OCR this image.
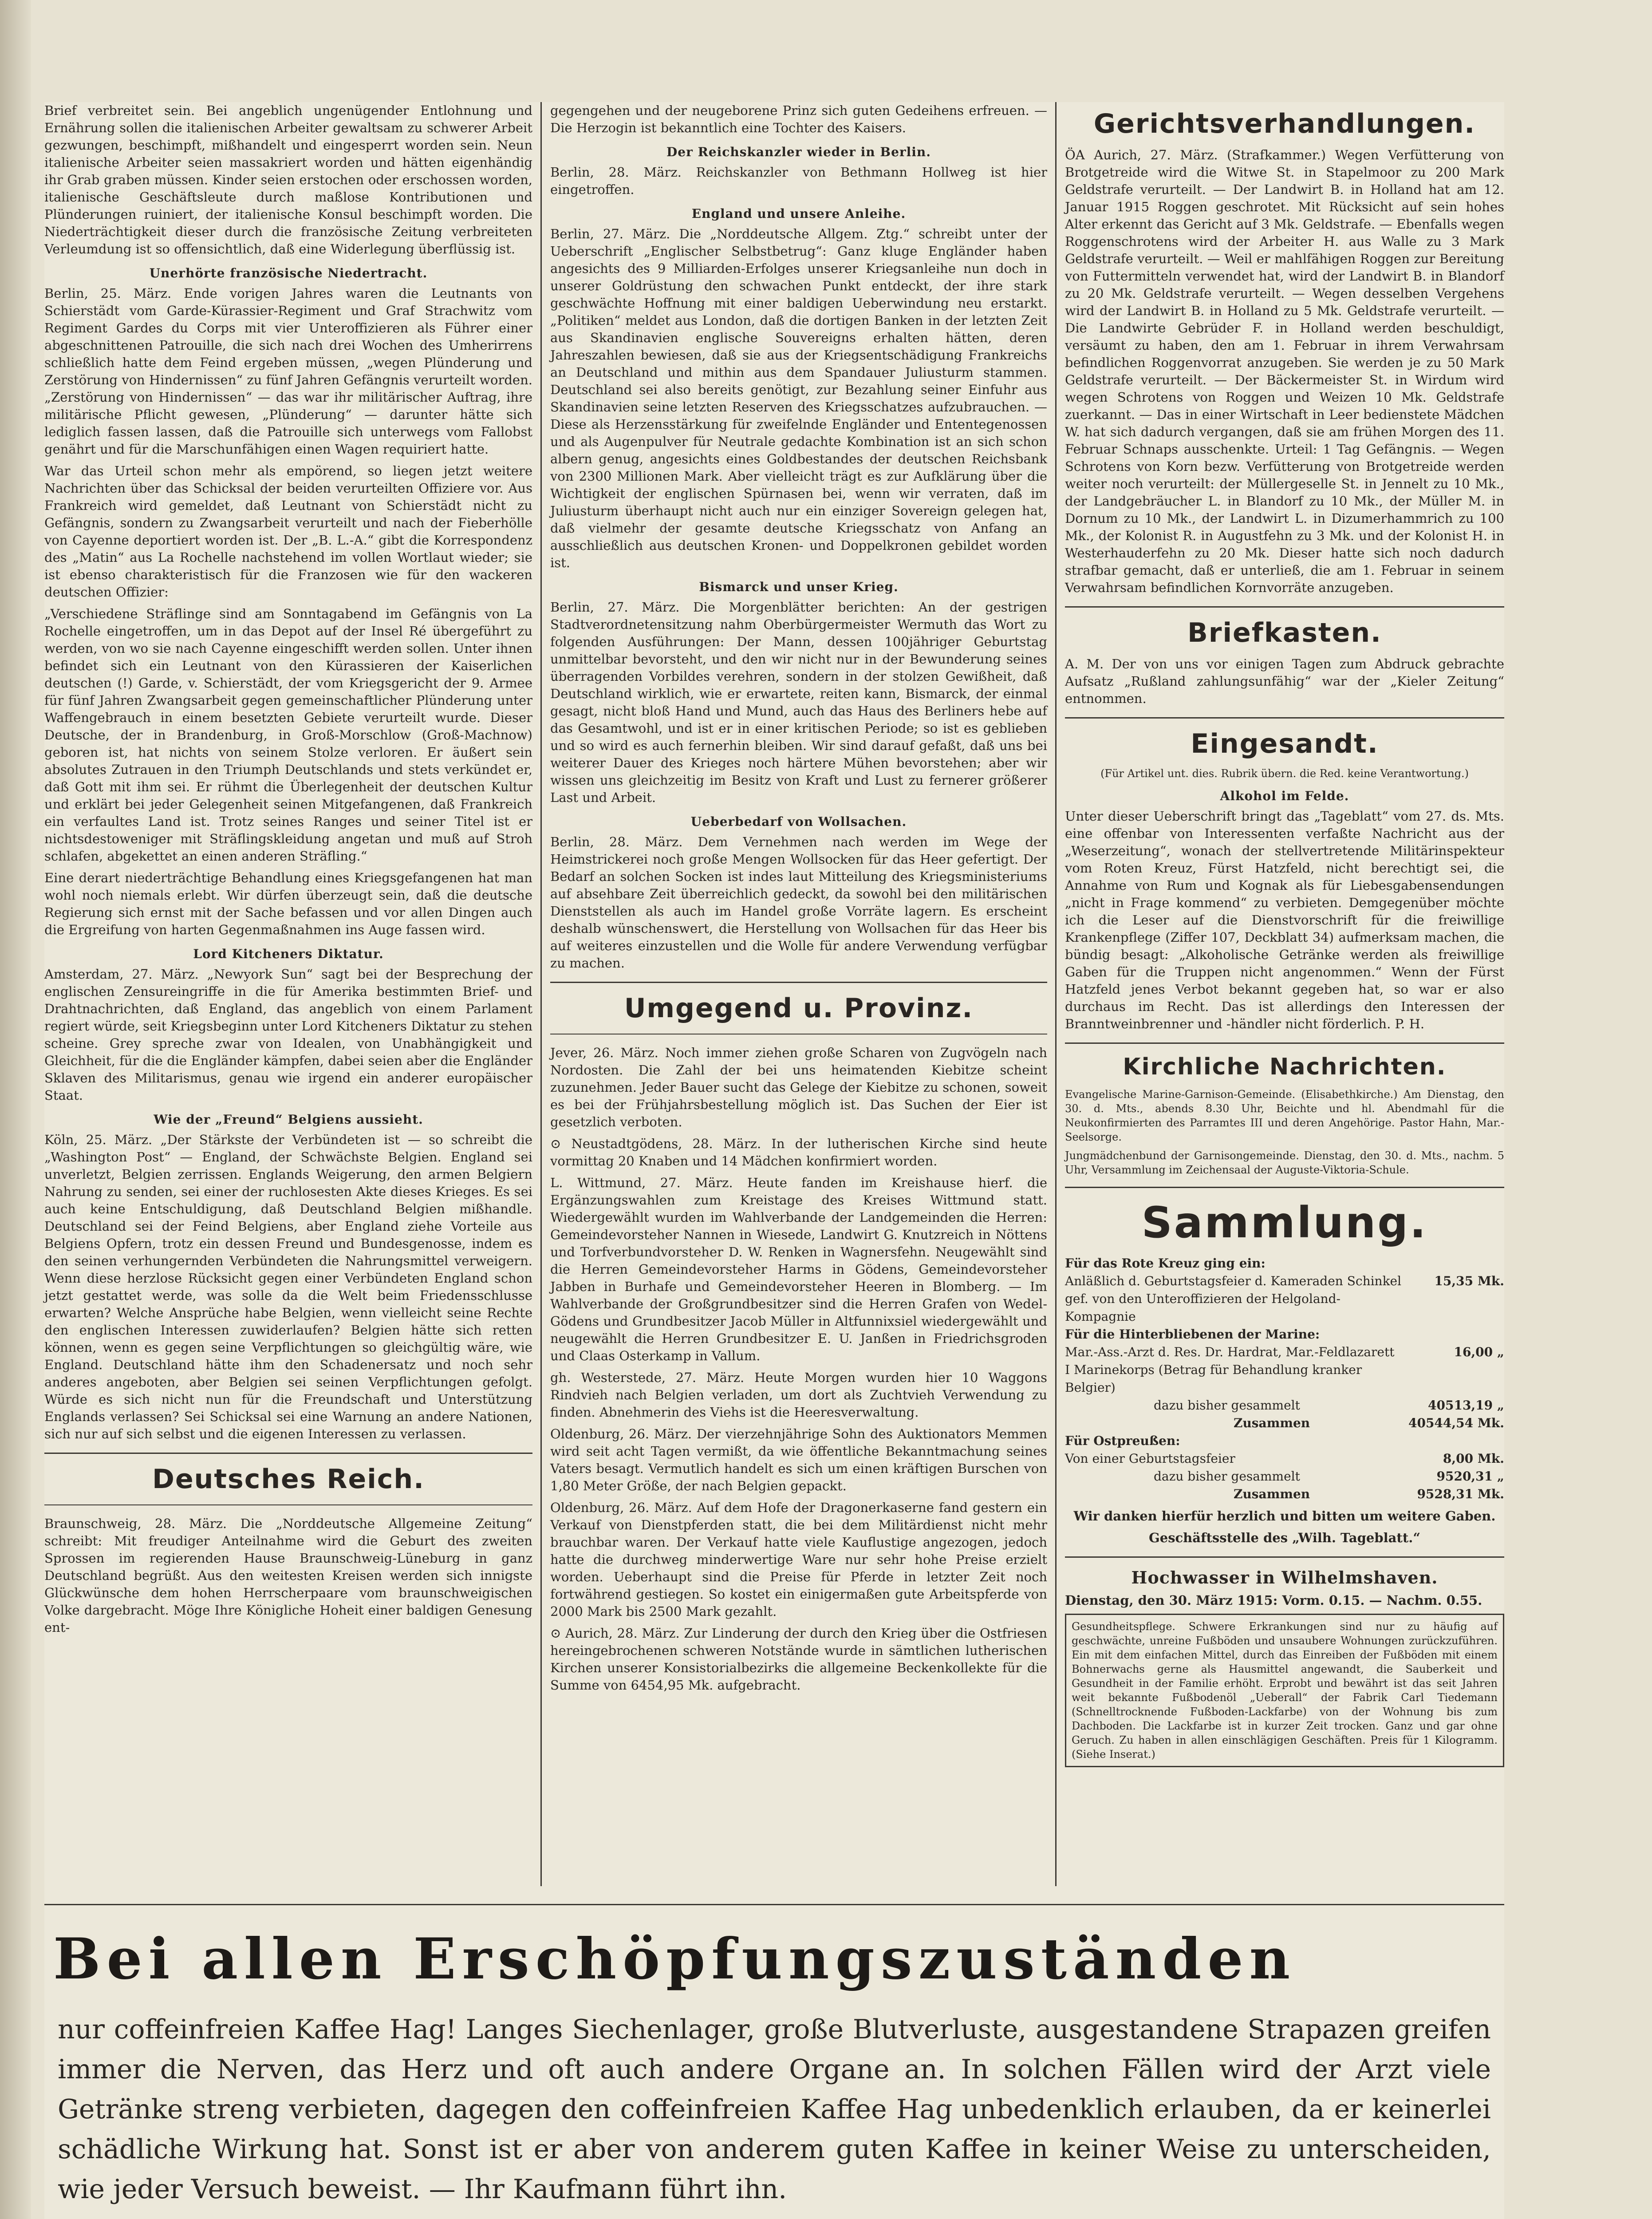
Brief verbreitet sein. Bei angeblich ungenügender Entlohnung und Ernährung sollen die italienischen Arbeiter gewaltsam zu schwerer Arbeit gezwungen, beschimpft, mißhandelt und eingesperrt worden sein. Neun italienische Arbeiter seien massakriert worden und hätten eigenhändig ihr Grab graben müssen. Kinder seien erstochen oder erschossen worden, italienische Geschäftsleute durch maßlose Kontributionen und Plünderungen ruiniert, der italienische Konsul beschimpft worden. Die Niederträchtigkeit dieser durch die französische Zeitung verbreiteten Verleumdung ist so offensichtlich, daß eine Widerlegung überflüssig ist.

Unerhörte französische Niedertracht.

Berlin, 25. März. Ende vorigen Jahres waren die Leutnants von Schierstädt vom Garde-Kürassier-Regiment und Graf Strachwitz vom Regiment Gardes du Corps mit vier Unteroffizieren als Führer einer abgeschnittenen Patrouille, die sich nach drei Wochen des Umherirrens schließlich hatte dem Feind ergeben müssen, „wegen Plünderung und Zerstörung von Hindernissen“ zu fünf Jahren Gefängnis verurteilt worden. „Zerstörung von Hindernissen“ — das war ihr militärischer Auftrag, ihre militärische Pflicht gewesen, „Plünderung“ — darunter hätte sich lediglich fassen lassen, daß die Patrouille sich unterwegs vom Fallobst genährt und für die Marschunfähigen einen Wagen requiriert hatte.

War das Urteil schon mehr als empörend, so liegen jetzt weitere Nachrichten über das Schicksal der beiden verurteilten Offiziere vor. Aus Frankreich wird gemeldet, daß Leutnant von Schierstädt nicht zu Gefängnis, sondern zu Zwangsarbeit verurteilt und nach der Fieberhölle von Cayenne deportiert worden ist. Der „B. L.-A.“ gibt die Korrespondenz des „Matin“ aus La Rochelle nachstehend im vollen Wortlaut wieder; sie ist ebenso charakteristisch für die Franzosen wie für den wackeren deutschen Offizier:

„Verschiedene Sträflinge sind am Sonntagabend im Gefängnis von La Rochelle eingetroffen, um in das Depot auf der Insel Ré übergeführt zu werden, von wo sie nach Cayenne eingeschifft werden sollen. Unter ihnen befindet sich ein Leutnant von den Kürassieren der Kaiserlichen deutschen (!) Garde, v. Schierstädt, der vom Kriegsgericht der 9. Armee für fünf Jahren Zwangsarbeit gegen gemeinschaftlicher Plünderung unter Waffengebrauch in einem besetzten Gebiete verurteilt wurde. Dieser Deutsche, der in Brandenburg, in Groß-Morschlow (Groß-Machnow) geboren ist, hat nichts von seinem Stolze verloren. Er äußert sein absolutes Zutrauen in den Triumph Deutschlands und stets verkündet er, daß Gott mit ihm sei. Er rühmt die Überlegenheit der deutschen Kultur und erklärt bei jeder Gelegenheit seinen Mitgefangenen, daß Frankreich ein verfaultes Land ist. Trotz seines Ranges und seiner Titel ist er nichtsdestoweniger mit Sträflingskleidung angetan und muß auf Stroh schlafen, abgekettet an einen anderen Sträfling.“

Eine derart niederträchtige Behandlung eines Kriegsgefangenen hat man wohl noch niemals erlebt. Wir dürfen überzeugt sein, daß die deutsche Regierung sich ernst mit der Sache befassen und vor allen Dingen auch die Ergreifung von harten Gegenmaßnahmen ins Auge fassen wird.

Lord Kitcheners Diktatur.

Amsterdam, 27. März. „Newyork Sun“ sagt bei der Besprechung der englischen Zensureingriffe in die für Amerika bestimmten Brief- und Drahtnachrichten, daß England, das angeblich von einem Parlament regiert würde, seit Kriegsbeginn unter Lord Kitcheners Diktatur zu stehen scheine. Grey spreche zwar von Idealen, von Unabhängigkeit und Gleichheit, für die die Engländer kämpfen, dabei seien aber die Engländer Sklaven des Militarismus, genau wie irgend ein anderer europäischer Staat.

Wie der „Freund“ Belgiens aussieht.

Köln, 25. März. „Der Stärkste der Verbündeten ist — so schreibt die „Washington Post“ — England, der Schwächste Belgien. England sei unverletzt, Belgien zerrissen. Englands Weigerung, den armen Belgiern Nahrung zu senden, sei einer der ruchlosesten Akte dieses Krieges. Es sei auch keine Entschuldigung, daß Deutschland Belgien mißhandle. Deutschland sei der Feind Belgiens, aber England ziehe Vorteile aus Belgiens Opfern, trotz ein dessen Freund und Bundesgenosse, indem es den seinen verhungernden Verbündeten die Nahrungsmittel verweigern. Wenn diese herzlose Rücksicht gegen einer Verbündeten England schon jetzt gestattet werde, was solle da die Welt beim Friedensschlusse erwarten? Welche Ansprüche habe Belgien, wenn vielleicht seine Rechte den englischen Interessen zuwiderlaufen? Belgien hätte sich retten können, wenn es gegen seine Verpflichtungen so gleichgültig wäre, wie England. Deutschland hätte ihm den Schadenersatz und noch sehr anderes angeboten, aber Belgien sei seinen Verpflichtungen gefolgt. Würde es sich nicht nun für die Freundschaft und Unterstützung Englands verlassen? Sei Schicksal sei eine Warnung an andere Nationen, sich nur auf sich selbst und die eigenen Interessen zu verlassen.

Deutsches Reich.

Braunschweig, 28. März. Die „Norddeutsche Allgemeine Zeitung“ schreibt: Mit freudiger Anteilnahme wird die Geburt des zweiten Sprossen im regierenden Hause Braunschweig-Lüneburg in ganz Deutschland begrüßt. Aus den weitesten Kreisen werden sich innigste Glückwünsche dem hohen Herrscherpaare vom braunschweigischen Volke dargebracht. Möge Ihre Königliche Hoheit einer baldigen Genesung ent-

gegengehen und der neugeborene Prinz sich guten Gedeihens erfreuen. — Die Herzogin ist bekanntlich eine Tochter des Kaisers.

Der Reichskanzler wieder in Berlin.

Berlin, 28. März. Reichskanzler von Bethmann Hollweg ist hier eingetroffen.

England und unsere Anleihe.

Berlin, 27. März. Die „Norddeutsche Allgem. Ztg.“ schreibt unter der Ueberschrift „Englischer Selbstbetrug“: Ganz kluge Engländer haben angesichts des 9 Milliarden-Erfolges unserer Kriegsanleihe nun doch in unserer Goldrüstung den schwachen Punkt entdeckt, der ihre stark geschwächte Hoffnung mit einer baldigen Ueberwindung neu erstarkt. „Politiken“ meldet aus London, daß die dortigen Banken in der letzten Zeit aus Skandinavien englische Souvereigns erhalten hätten, deren Jahreszahlen bewiesen, daß sie aus der Kriegsentschädigung Frankreichs an Deutschland und mithin aus dem Spandauer Juliusturm stammen. Deutschland sei also bereits genötigt, zur Bezahlung seiner Einfuhr aus Skandinavien seine letzten Reserven des Kriegsschatzes aufzubrauchen. — Diese als Herzensstärkung für zweifelnde Engländer und Ententegenossen und als Augenpulver für Neutrale gedachte Kombination ist an sich schon albern genug, angesichts eines Goldbestandes der deutschen Reichsbank von 2300 Millionen Mark. Aber vielleicht trägt es zur Aufklärung über die Wichtigkeit der englischen Spürnasen bei, wenn wir verraten, daß im Juliusturm überhaupt nicht auch nur ein einziger Sovereign gelegen hat, daß vielmehr der gesamte deutsche Kriegsschatz von Anfang an ausschließlich aus deutschen Kronen- und Doppelkronen gebildet worden ist.

Bismarck und unser Krieg.

Berlin, 27. März. Die Morgenblätter berichten: An der gestrigen Stadtverordnetensitzung nahm Oberbürgermeister Wermuth das Wort zu folgenden Ausführungen: Der Mann, dessen 100jähriger Geburtstag unmittelbar bevorsteht, und den wir nicht nur in der Bewunderung seines überragenden Vorbildes verehren, sondern in der stolzen Gewißheit, daß Deutschland wirklich, wie er erwartete, reiten kann, Bismarck, der einmal gesagt, nicht bloß Hand und Mund, auch das Haus des Berliners hebe auf das Gesamtwohl, und ist er in einer kritischen Periode; so ist es geblieben und so wird es auch fernerhin bleiben. Wir sind darauf gefaßt, daß uns bei weiterer Dauer des Krieges noch härtere Mühen bevorstehen; aber wir wissen uns gleichzeitig im Besitz von Kraft und Lust zu fernerer größerer Last und Arbeit.

Ueberbedarf von Wollsachen.

Berlin, 28. März. Dem Vernehmen nach werden im Wege der Heimstrickerei noch große Mengen Wollsocken für das Heer gefertigt. Der Bedarf an solchen Socken ist indes laut Mitteilung des Kriegsministeriums auf absehbare Zeit überreichlich gedeckt, da sowohl bei den militärischen Dienststellen als auch im Handel große Vorräte lagern. Es erscheint deshalb wünschenswert, die Herstellung von Wollsachen für das Heer bis auf weiteres einzustellen und die Wolle für andere Verwendung verfügbar zu machen.

Umgegend u. Provinz.

Jever, 26. März. Noch immer ziehen große Scharen von Zugvögeln nach Nordosten. Die Zahl der bei uns heimatenden Kiebitze scheint zuzunehmen. Jeder Bauer sucht das Gelege der Kiebitze zu schonen, soweit es bei der Frühjahrsbestellung möglich ist. Das Suchen der Eier ist gesetzlich verboten.

⊙ Neustadtgödens, 28. März. In der lutherischen Kirche sind heute vormittag 20 Knaben und 14 Mädchen konfirmiert worden.

L. Wittmund, 27. März. Heute fanden im Kreishause hierf. die Ergänzungswahlen zum Kreistage des Kreises Wittmund statt. Wiedergewählt wurden im Wahlverbande der Landgemeinden die Herren: Gemeindevorsteher Nannen in Wiesede, Landwirt G. Knutzreich in Nöttens und Torfverbundvorsteher D. W. Renken in Wagnersfehn. Neugewählt sind die Herren Gemeindevorsteher Harms in Gödens, Gemeindevorsteher Jabben in Burhafe und Gemeindevorsteher Heeren in Blomberg. — Im Wahlverbande der Großgrundbesitzer sind die Herren Grafen von Wedel-Gödens und Grundbesitzer Jacob Müller in Altfunnixsiel wiedergewählt und neugewählt die Herren Grundbesitzer E. U. Janßen in Friedrichsgroden und Claas Osterkamp in Vallum.

gh. Westerstede, 27. März. Heute Morgen wurden hier 10 Waggons Rindvieh nach Belgien verladen, um dort als Zuchtvieh Verwendung zu finden. Abnehmerin des Viehs ist die Heeresverwaltung.

Oldenburg, 26. März. Der vierzehnjährige Sohn des Auktionators Memmen wird seit acht Tagen vermißt, da wie öffentliche Bekanntmachung seines Vaters besagt. Vermutlich handelt es sich um einen kräftigen Burschen von 1,80 Meter Größe, der nach Belgien gepackt.

Oldenburg, 26. März. Auf dem Hofe der Dragonerkaserne fand gestern ein Verkauf von Dienstpferden statt, die bei dem Militärdienst nicht mehr brauchbar waren. Der Verkauf hatte viele Kauflustige angezogen, jedoch hatte die durchweg minderwertige Ware nur sehr hohe Preise erzielt worden. Ueberhaupt sind die Preise für Pferde in letzter Zeit noch fortwährend gestiegen. So kostet ein einigermaßen gute Arbeitspferde von 2000 Mark bis 2500 Mark gezahlt.

⊙ Aurich, 28. März. Zur Linderung der durch den Krieg über die Ostfriesen hereingebrochenen schweren Notstände wurde in sämtlichen lutherischen Kirchen unserer Konsistorialbezirks die allgemeine Beckenkollekte für die Summe von 6454,95 Mk. aufgebracht.

Gerichtsverhandlungen.

ÖA Aurich, 27. März. (Strafkammer.) Wegen Verfütterung von Brotgetreide wird die Witwe St. in Stapelmoor zu 200 Mark Geldstrafe verurteilt. — Der Landwirt B. in Holland hat am 12. Januar 1915 Roggen geschrotet. Mit Rücksicht auf sein hohes Alter erkennt das Gericht auf 3 Mk. Geldstrafe. — Ebenfalls wegen Roggenschrotens wird der Arbeiter H. aus Walle zu 3 Mark Geldstrafe verurteilt. — Weil er mahlfähigen Roggen zur Bereitung von Futtermitteln verwendet hat, wird der Landwirt B. in Blandorf zu 20 Mk. Geldstrafe verurteilt. — Wegen desselben Vergehens wird der Landwirt B. in Holland zu 5 Mk. Geldstrafe verurteilt. — Die Landwirte Gebrüder F. in Holland werden beschuldigt, versäumt zu haben, den am 1. Februar in ihrem Verwahrsam befindlichen Roggenvorrat anzugeben. Sie werden je zu 50 Mark Geldstrafe verurteilt. — Der Bäckermeister St. in Wirdum wird wegen Schrotens von Roggen und Weizen 10 Mk. Geldstrafe zuerkannt. — Das in einer Wirtschaft in Leer bedienstete Mädchen W. hat sich dadurch vergangen, daß sie am frühen Morgen des 11. Februar Schnaps ausschenkte. Urteil: 1 Tag Gefängnis. — Wegen Schrotens von Korn bezw. Verfütterung von Brotgetreide werden weiter noch verurteilt: der Müllergeselle St. in Jennelt zu 10 Mk., der Landgebräucher L. in Blandorf zu 10 Mk., der Müller M. in Dornum zu 10 Mk., der Landwirt L. in Dizumerhammrich zu 100 Mk., der Kolonist R. in Augustfehn zu 3 Mk. und der Kolonist H. in Westerhauderfehn zu 20 Mk. Dieser hatte sich noch dadurch strafbar gemacht, daß er unterließ, die am 1. Februar in seinem Verwahrsam befindlichen Kornvorräte anzugeben.

Briefkasten.

A. M. Der von uns vor einigen Tagen zum Abdruck gebrachte Aufsatz „Rußland zahlungsunfähig“ war der „Kieler Zeitung“ entnommen.

Eingesandt.

(Für Artikel unt. dies. Rubrik übern. die Red. keine Verantwortung.)

Alkohol im Felde.

Unter dieser Ueberschrift bringt das „Tageblatt“ vom 27. ds. Mts. eine offenbar von Interessenten verfaßte Nachricht aus der „Weserzeitung“, wonach der stellvertretende Militärinspekteur vom Roten Kreuz, Fürst Hatzfeld, nicht berechtigt sei, die Annahme von Rum und Kognak als für Liebesgabensendungen „nicht in Frage kommend“ zu verbieten. Demgegenüber möchte ich die Leser auf die Dienstvorschrift für die freiwillige Krankenpflege (Ziffer 107, Deckblatt 34) aufmerksam machen, die bündig besagt: „Alkoholische Getränke werden als freiwillige Gaben für die Truppen nicht angenommen.“ Wenn der Fürst Hatzfeld jenes Verbot bekannt gegeben hat, so war er also durchaus im Recht. Das ist allerdings den Interessen der Branntweinbrenner und -händler nicht förderlich. P. H.

Kirchliche Nachrichten.

Evangelische Marine-Garnison-Gemeinde. (Elisabethkirche.) Am Dienstag, den 30. d. Mts., abends 8.30 Uhr, Beichte und hl. Abendmahl für die Neukonfirmierten des Parramtes III und deren Angehörige. Pastor Hahn, Mar.-Seelsorge.

Jungmädchenbund der Garnisongemeinde. Dienstag, den 30. d. Mts., nachm. 5 Uhr, Versammlung im Zeichensaal der Auguste-Viktoria-Schule.

Sammlung.
Für das Rote Kreuz ging ein:
Anläßlich d. Geburtstagsfeier d. Kameraden Schinkel gef. von den Unteroffizieren der Helgoland-Kompagnie
15,35 Mk.
Für die Hinterbliebenen der Marine:
Mar.-Ass.-Arzt d. Res. Dr. Hardrat, Mar.-Feldlazarett I Marinekorps (Betrag für Behandlung kranker Belgier)
16,00 „
dazu bisher gesammelt	40513,19 „
Zusammen	40544,54 Mk.
Für Ostpreußen:
Von einer Geburtstagsfeier	8,00 Mk.
dazu bisher gesammelt	9520,31 „
Zusammen	9528,31 Mk.

Wir danken hierfür herzlich und bitten um weitere Gaben.

Geschäftsstelle des „Wilh. Tageblatt.“

Hochwasser in Wilhelmshaven.

Dienstag, den 30. März 1915: Vorm. 0.15. — Nachm. 0.55.

Gesundheitspflege. Schwere Erkrankungen sind nur zu häufig auf geschwächte, unreine Fußböden und unsaubere Wohnungen zurückzuführen. Ein mit dem einfachen Mittel, durch das Einreiben der Fußböden mit einem Bohnerwachs gerne als Hausmittel angewandt, die Sauberkeit und Gesundheit in der Familie erhöht. Erprobt und bewährt ist das seit Jahren weit bekannte Fußbodenöl „Ueberall“ der Fabrik Carl Tiedemann (Schnelltrocknende Fußboden-Lackfarbe) von der Wohnung bis zum Dachboden. Die Lackfarbe ist in kurzer Zeit trocken. Ganz und gar ohne Geruch. Zu haben in allen einschlägigen Geschäften. Preis für 1 Kilogramm. (Siehe Inserat.)

Bei allen Erschöpfungszuständen

nur coffeinfreien Kaffee Hag! Langes Siechenlager, große Blutverluste, ausgestandene Strapazen greifen immer die Nerven, das Herz und oft auch andere Organe an. In solchen Fällen wird der Arzt viele Getränke streng verbieten, dagegen den coffeinfreien Kaffee Hag unbedenklich erlauben, da er keinerlei schädliche Wirkung hat. Sonst ist er aber von anderem guten Kaffee in keiner Weise zu unterscheiden, wie jeder Versuch beweist. — Ihr Kaufmann führt ihn.
